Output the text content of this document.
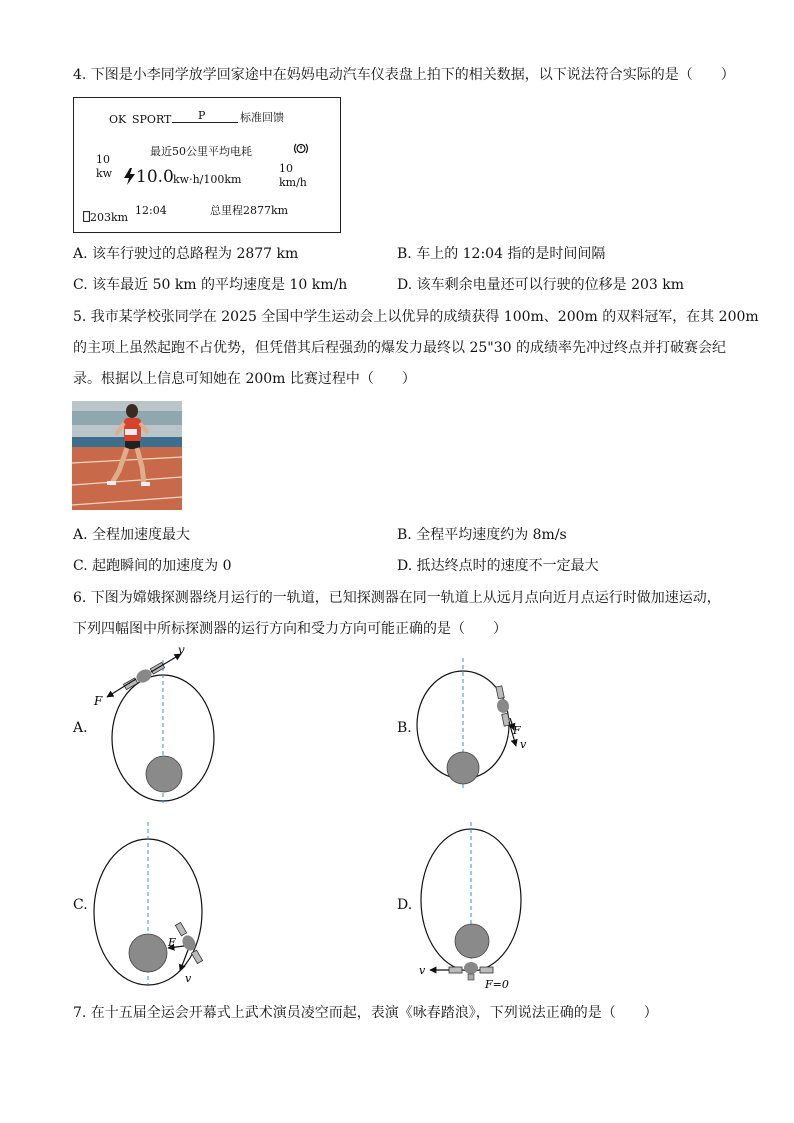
4. 下图是小李同学放学回家途中在妈妈电动汽车仪表盘上拍下的相关数据，以下说法符合实际的是（　　）
OK SPORT P	标准回馈
10
kw
最近50公里平均电耗
10.0 kw·h/100km
10
km/h
203km
12:04	总里程2877km
A. 该车行驶过的总路程为 2877 km	B. 车上的 12:04 指的是时间间隔
C. 该车最近 50 km 的平均速度是 10 km/h	D. 该车剩余电量还可以行驶的位移是 203 km
5. 我市某学校张同学在 2025 全国中学生运动会上以优异的成绩获得 100m、200m 的双料冠军，在其 200m
的主项上虽然起跑不占优势，但凭借其后程强劲的爆发力最终以 25"30 的成绩率先冲过终点并打破赛会纪
录。根据以上信息可知她在 200m 比赛过程中（　　）
A. 全程加速度最大	B. 全程平均速度约为 8m/s
C. 起跑瞬间的加速度为 0	D. 抵达终点时的速度不一定最大
6. 下图为嫦娥探测器绕月运行的一轨道，已知探测器在同一轨道上从远月点向近月点运行时做加速运动，
下列四幅图中所标探测器的运行方向和受力方向可能正确的是（　　）
A.	B.
C.	D.
v
F
F
v
F
v
v
F=0
7. 在十五届全运会开幕式上武术演员凌空而起，表演《咏春踏浪》，下列说法正确的是（　　）
